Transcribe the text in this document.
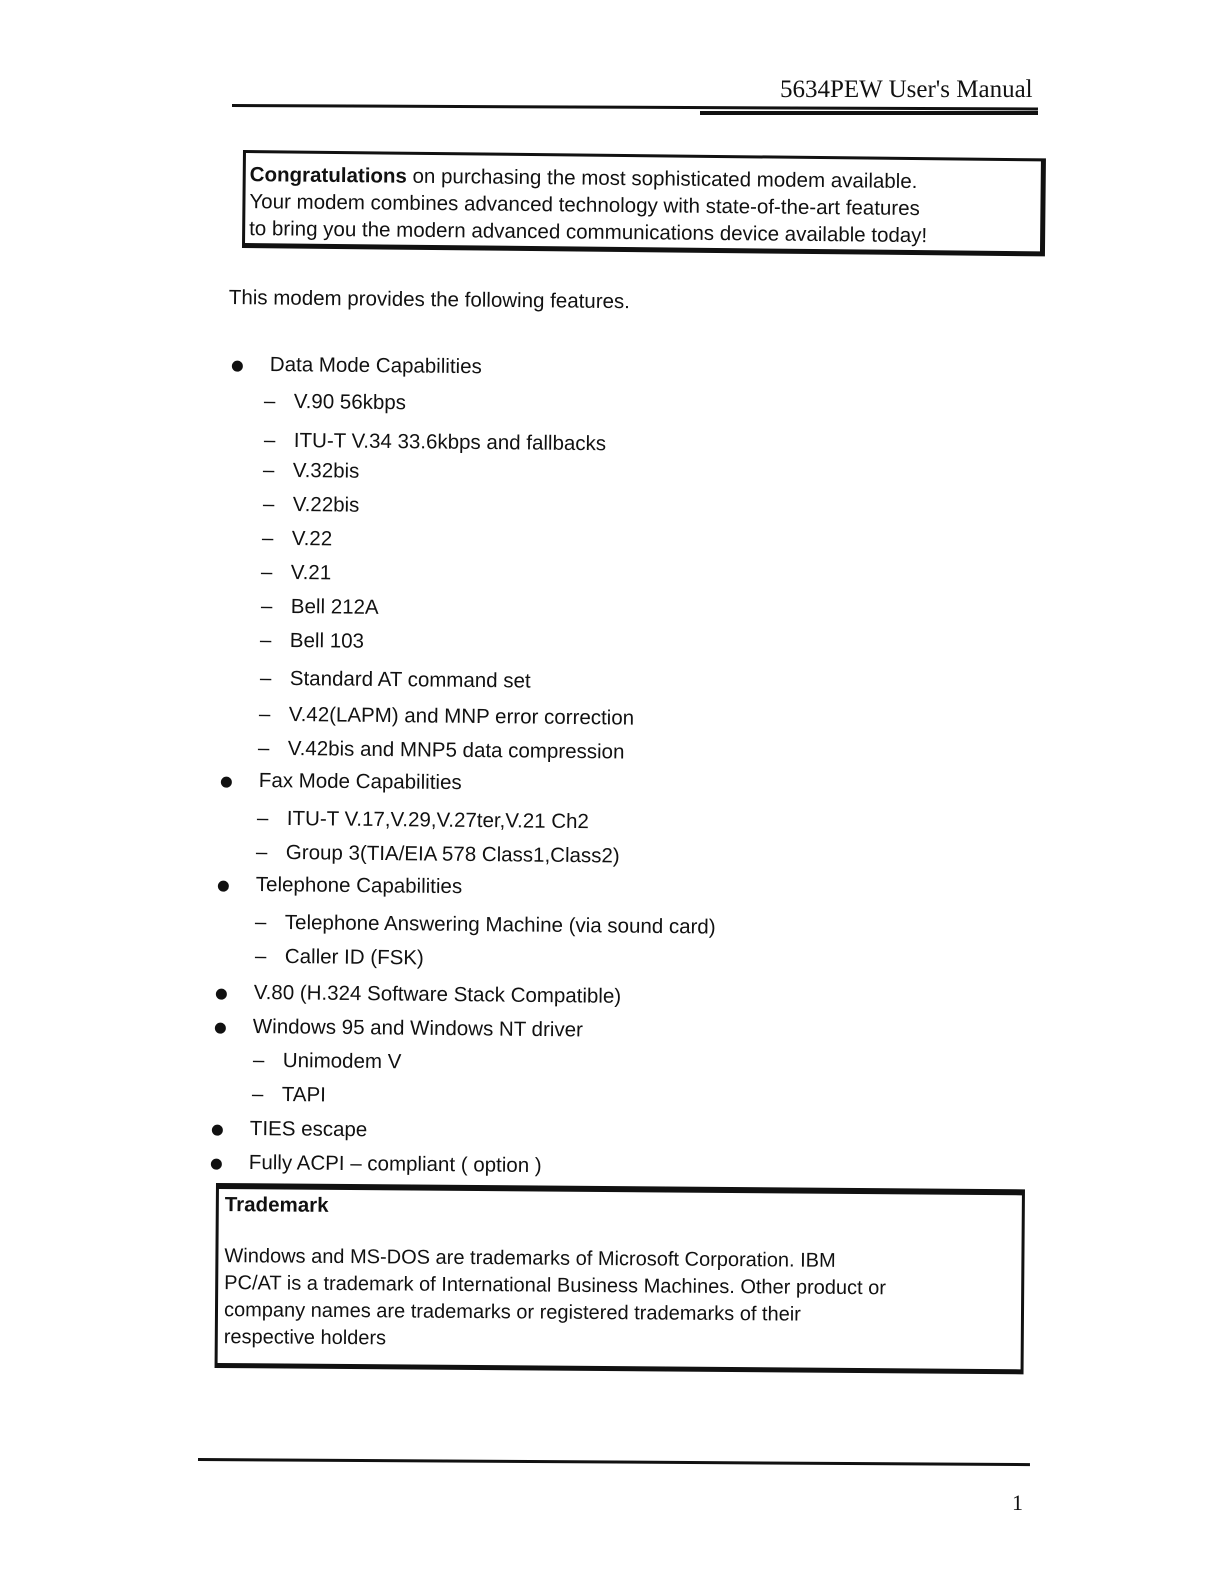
5634PEW User's Manual
Congratulations on purchasing the most sophisticated modem available.
Your modem combines advanced technology with state-of-the-art features
to bring you the modern advanced communications device available today!
This modem provides the following features.
Data Mode Capabilities
– V.90 56kbps
– ITU-T V.34 33.6kbps and fallbacks
– V.32bis
– V.22bis
– V.22
– V.21
– Bell 212A
– Bell 103
– Standard AT command set
– V.42(LAPM) and MNP error correction
– V.42bis and MNP5 data compression
Fax Mode Capabilities
– ITU-T V.17,V.29,V.27ter,V.21 Ch2
– Group 3(TIA/EIA 578 Class1,Class2)
Telephone Capabilities
– Telephone Answering Machine (via sound card)
– Caller ID (FSK)
V.80 (H.324 Software Stack Compatible)
Windows 95 and Windows NT driver
– Unimodem V
– TAPI
TIES escape
Fully ACPI – compliant ( option )
Trademark
Windows and MS-DOS are trademarks of Microsoft Corporation. IBM
PC/AT is a trademark of International Business Machines. Other product or
company names are trademarks or registered trademarks of their
respective holders
1
